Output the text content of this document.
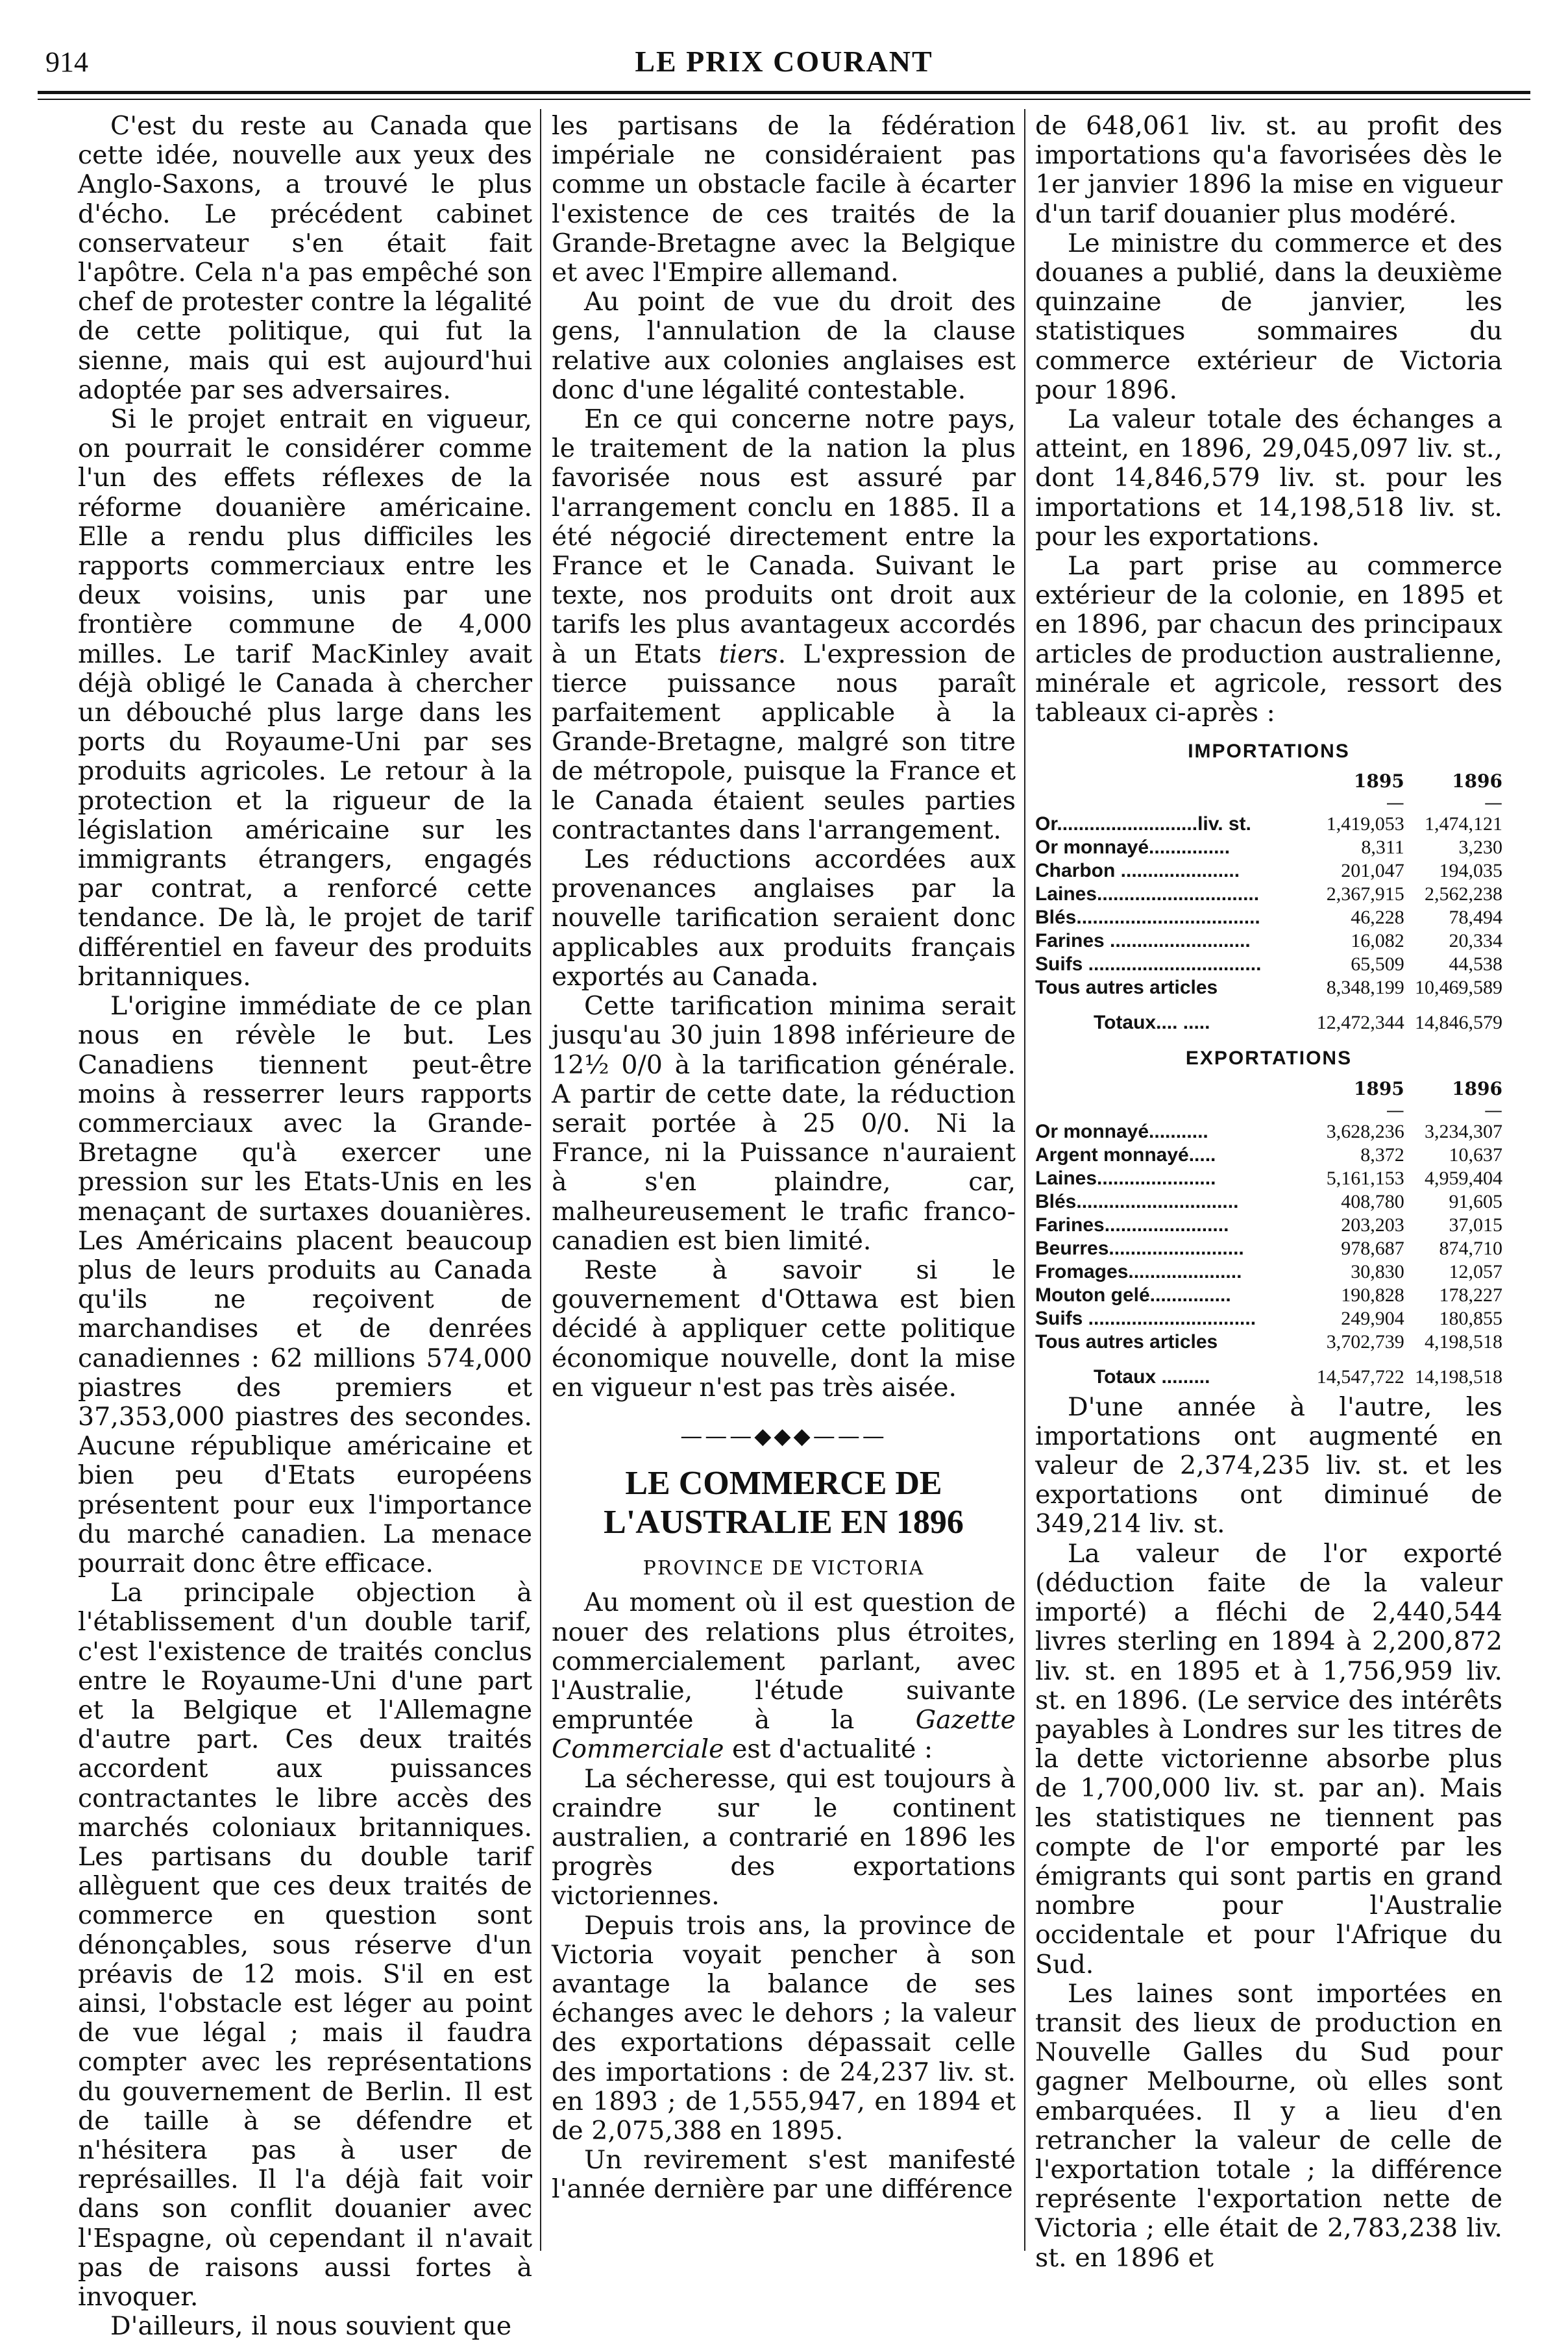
914	LE PRIX COURANT

C'est du reste au Canada que cette idée, nouvelle aux yeux des Anglo-Saxons, a trouvé le plus d'écho. Le précédent cabinet conservateur s'en était fait l'apôtre. Cela n'a pas empêché son chef de protester contre la légalité de cette politique, qui fut la sienne, mais qui est aujourd'hui adoptée par ses adversaires.

Si le projet entrait en vigueur, on pourrait le considérer comme l'un des effets réflexes de la réforme douanière américaine. Elle a rendu plus difficiles les rapports commerciaux entre les deux voisins, unis par une frontière commune de 4,000 milles. Le tarif MacKinley avait déjà obligé le Canada à chercher un débouché plus large dans les ports du Royaume-Uni par ses produits agricoles. Le retour à la protection et la rigueur de la législation américaine sur les immigrants étrangers, engagés par contrat, a renforcé cette tendance. De là, le projet de tarif différentiel en faveur des produits britanniques.

L'origine immédiate de ce plan nous en révèle le but. Les Canadiens tiennent peut-être moins à resserrer leurs rapports commerciaux avec la Grande-Bretagne qu'à exercer une pression sur les Etats-Unis en les menaçant de surtaxes douanières. Les Américains placent beaucoup plus de leurs produits au Canada qu'ils ne reçoivent de marchandises et de denrées canadiennes : 62 millions 574,000 piastres des premiers et 37,353,000 piastres des secondes. Aucune république américaine et bien peu d'Etats européens présentent pour eux l'importance du marché canadien. La menace pourrait donc être efficace.

La principale objection à l'établissement d'un double tarif, c'est l'existence de traités conclus entre le Royaume-Uni d'une part et la Belgique et l'Allemagne d'autre part. Ces deux traités accordent aux puissances contractantes le libre accès des marchés coloniaux britanniques. Les partisans du double tarif allèguent que ces deux traités de commerce en question sont dénonçables, sous réserve d'un préavis de 12 mois. S'il en est ainsi, l'obstacle est léger au point de vue légal ; mais il faudra compter avec les représentations du gouvernement de Berlin. Il est de taille à se défendre et n'hésitera pas à user de représailles. Il l'a déjà fait voir dans son conflit douanier avec l'Espagne, où cependant il n'avait pas de raisons aussi fortes à invoquer.

D'ailleurs, il nous souvient que

les partisans de la fédération impériale ne considéraient pas comme un obstacle facile à écarter l'existence de ces traités de la Grande-Bretagne avec la Belgique et avec l'Empire allemand.

Au point de vue du droit des gens, l'annulation de la clause relative aux colonies anglaises est donc d'une légalité contestable.

En ce qui concerne notre pays, le traitement de la nation la plus favorisée nous est assuré par l'arrangement conclu en 1885. Il a été négocié directement entre la France et le Canada. Suivant le texte, nos produits ont droit aux tarifs les plus avantageux accordés à un Etats tiers. L'expression de tierce puissance nous paraît parfaitement applicable à la Grande-Bretagne, malgré son titre de métropole, puisque la France et le Canada étaient seules parties contractantes dans l'arrangement.

Les réductions accordées aux provenances anglaises par la nouvelle tarification seraient donc applicables aux produits français exportés au Canada.

Cette tarification minima serait jusqu'au 30 juin 1898 inférieure de 12½ 0/0 à la tarification générale. A partir de cette date, la réduction serait portée à 25 0/0. Ni la France, ni la Puissance n'auraient à s'en plaindre, car, malheureusement le trafic franco-canadien est bien limité.

Reste à savoir si le gouvernement d'Ottawa est bien décidé à appliquer cette politique économique nouvelle, dont la mise en vigueur n'est pas très aisée.

———◆◆◆———
LE COMMERCE DE L'AUSTRALIE EN 1896
PROVINCE DE VICTORIA

Au moment où il est question de nouer des relations plus étroites, commercialement parlant, avec l'Australie, l'étude suivante empruntée à la Gazette Commerciale est d'actualité :

La sécheresse, qui est toujours à craindre sur le continent australien, a contrarié en 1896 les progrès des exportations victoriennes.

Depuis trois ans, la province de Victoria voyait pencher à son avantage la balance de ses échanges avec le dehors ; la valeur des exportations dépassait celle des importations : de 24,237 liv. st. en 1893 ; de 1,555,947, en 1894 et de 2,075,388 en 1895.

Un revirement s'est manifesté l'année dernière par une différence

de 648,061 liv. st. au profit des importations qu'a favorisées dès le 1er janvier 1896 la mise en vigueur d'un tarif douanier plus modéré.

Le ministre du commerce et des douanes a publié, dans la deuxième quinzaine de janvier, les statistiques sommaires du commerce extérieur de Victoria pour 1896.

La valeur totale des échanges a atteint, en 1896, 29,045,097 liv. st., dont 14,846,579 liv. st. pour les importations et 14,198,518 liv. st. pour les exportations.

La part prise au commerce extérieur de la colonie, en 1895 et en 1896, par chacun des principaux articles de production australienne, minérale et agricole, ressort des tableaux ci-après :

IMPORTATIONS
	1895	1896
	—	—
Or..........................liv. st.	1,419,053	1,474,121
Or monnayé...............	8,311	3,230
Charbon ......................	201,047	194,035
Laines..............................	2,367,915	2,562,238
Blés..................................	46,228	78,494
Farines ..........................	16,082	20,334
Suifs ................................	65,509	44,538
Tous autres articles	8,348,199	10,469,589
Totaux.... .....	12,472,344	14,846,579
EXPORTATIONS
	1895	1896
	—	—
Or monnayé...........	3,628,236	3,234,307
Argent monnayé.....	8,372	10,637
Laines......................	5,161,153	4,959,404
Blés..............................	408,780	91,605
Farines.......................	203,203	37,015
Beurres.........................	978,687	874,710
Fromages.....................	30,830	12,057
Mouton gelé...............	190,828	178,227
Suifs ...............................	249,904	180,855
Tous autres articles	3,702,739	4,198,518
Totaux .........	14,547,722	14,198,518

D'une année à l'autre, les importations ont augmenté en valeur de 2,374,235 liv. st. et les exportations ont diminué de 349,214 liv. st.

La valeur de l'or exporté (déduction faite de la valeur importé) a fléchi de 2,440,544 livres sterling en 1894 à 2,200,872 liv. st. en 1895 et à 1,756,959 liv. st. en 1896. (Le service des intérêts payables à Londres sur les titres de la dette victorienne absorbe plus de 1,700,000 liv. st. par an). Mais les statistiques ne tiennent pas compte de l'or emporté par les émigrants qui sont partis en grand nombre pour l'Australie occidentale et pour l'Afrique du Sud.

Les laines sont importées en transit des lieux de production en Nouvelle Galles du Sud pour gagner Melbourne, où elles sont embarquées. Il y a lieu d'en retrancher la valeur de celle de l'exportation totale ; la différence représente l'exportation nette de Victoria ; elle était de 2,783,238 liv. st. en 1896 et
